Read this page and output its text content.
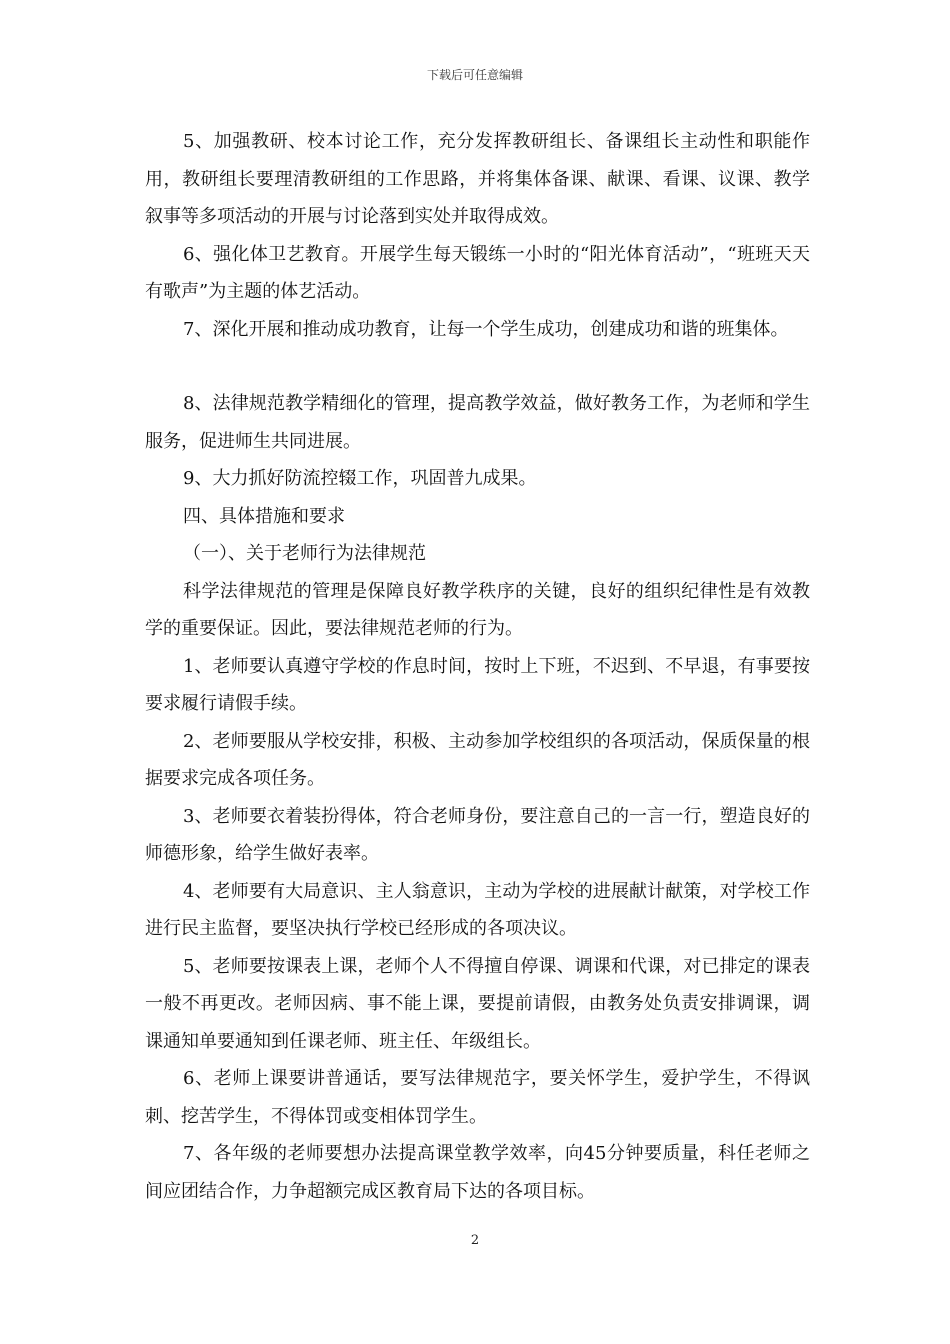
下载后可任意编辑

5、加强教研、校本讨论工作，充分发挥教研组长、备课组长主动性和职能作用，教研组长要理清教研组的工作思路，并将集体备课、献课、看课、议课、教学叙事等多项活动的开展与讨论落到实处并取得成效。

6、强化体卫艺教育。开展学生每天锻练一小时的“阳光体育活动”，“班班天天有歌声”为主题的体艺活动。

7、深化开展和推动成功教育，让每一个学生成功，创建成功和谐的班集体。

8、法律规范教学精细化的管理，提高教学效益，做好教务工作，为老师和学生服务，促进师生共同进展。

9、大力抓好防流控辍工作，巩固普九成果。

四、具体措施和要求

（一）、关于老师行为法律规范

科学法律规范的管理是保障良好教学秩序的关键，良好的组织纪律性是有效教学的重要保证。因此，要法律规范老师的行为。

1、老师要认真遵守学校的作息时间，按时上下班，不迟到、不早退，有事要按要求履行请假手续。

2、老师要服从学校安排，积极、主动参加学校组织的各项活动，保质保量的根据要求完成各项任务。

3、老师要衣着装扮得体，符合老师身份，要注意自己的一言一行，塑造良好的师德形象，给学生做好表率。

4、老师要有大局意识、主人翁意识，主动为学校的进展献计献策，对学校工作进行民主监督，要坚决执行学校已经形成的各项决议。

5、老师要按课表上课，老师个人不得擅自停课、调课和代课，对已排定的课表一般不再更改。老师因病、事不能上课，要提前请假，由教务处负责安排调课，调课通知单要通知到任课老师、班主任、年级组长。

6、老师上课要讲普通话，要写法律规范字，要关怀学生，爱护学生，不得讽刺、挖苦学生，不得体罚或变相体罚学生。

7、各年级的老师要想办法提高课堂教学效率，向45分钟要质量，科任老师之间应团结合作，力争超额完成区教育局下达的各项目标。

2
